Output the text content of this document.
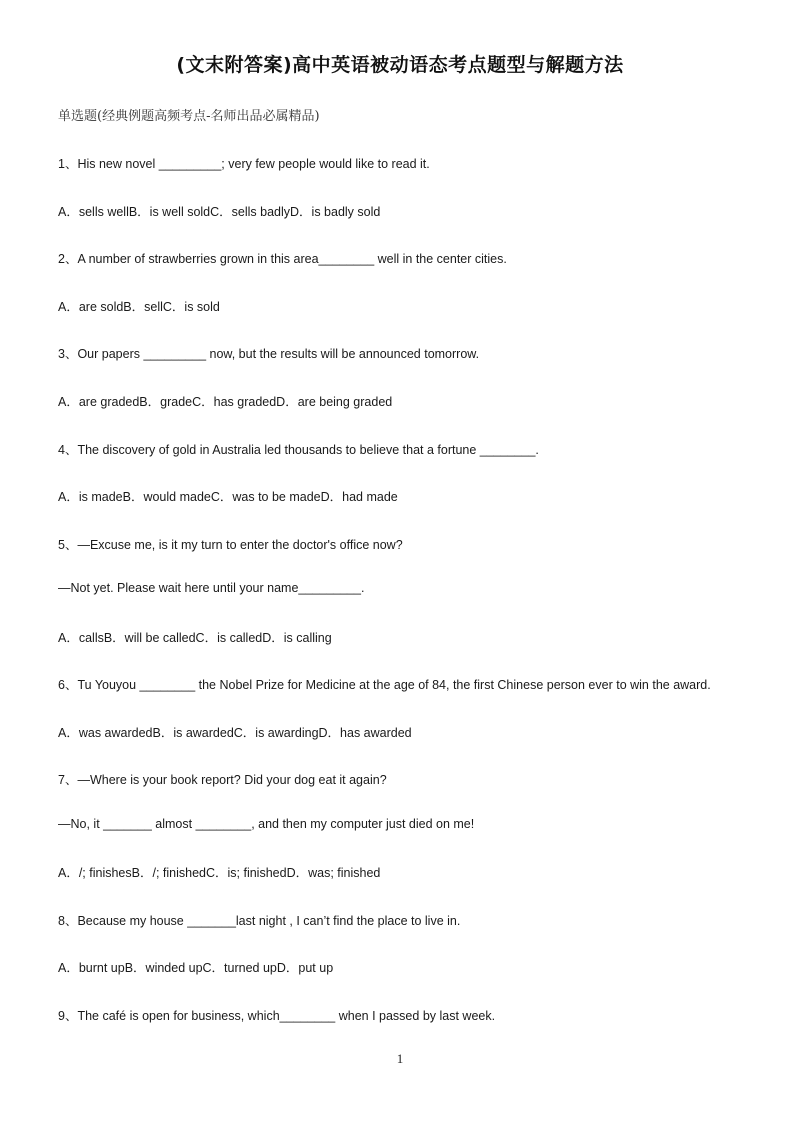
(文末附答案)高中英语被动语态考点题型与解题方法
单选题(经典例题高频考点-名师出品必属精品)
1、His new novel _________; very few people would like to read it.
A．sells wellB．is well soldC．sells badlyD．is badly sold
2、A number of strawberries grown in this area________ well in the center cities.
A．are soldB．sellC．is sold
3、Our papers _________ now, but the results will be announced tomorrow.
A．are gradedB．gradeC．has gradedD．are being graded
4、The discovery of gold in Australia led thousands to believe that a fortune ________.
A．is madeB．would madeC．was to be madeD．had made
5、—Excuse me, is it my turn to enter the doctor's office now?
—Not yet. Please wait here until your name_________.
A．callsB．will be calledC．is calledD．is calling
6、Tu Youyou ________ the Nobel Prize for Medicine at the age of 84, the first Chinese person ever to win the award.
A．was awardedB．is awardedC．is awardingD．has awarded
7、—Where is your book report? Did your dog eat it again?
—No, it _______ almost ________, and then my computer just died on me!
A．/; finishesB．/; finishedC．is; finishedD．was; finished
8、Because my house _______last night , I can’t find the place to live in.
A．burnt upB．winded upC．turned upD．put up
9、The café is open for business, which________ when I passed by last week.
1
